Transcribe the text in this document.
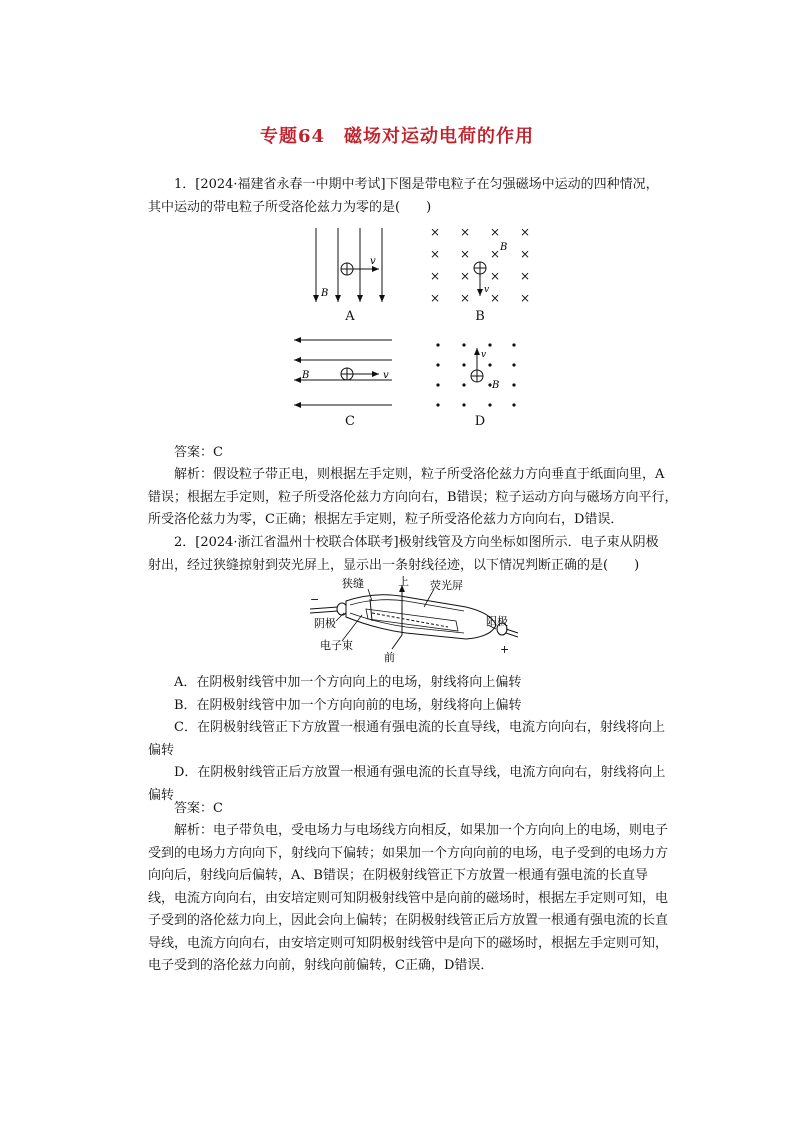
专题64　磁场对运动电荷的作用
1．[2024·福建省永春一中期中考试]下图是带电粒子在匀强磁场中运动的四种情况，
其中运动的带电粒子所受洛伦兹力为零的是(　　)
v
B
A
× × × ×
× × × ×
× × × ×
× × × ×
v
B
B
v
B
C
v
B
D
答案：C
解析：假设粒子带正电，则根据左手定则，粒子所受洛伦兹力方向垂直于纸面向里，A
错误；根据左手定则，粒子所受洛伦兹力方向向右，B错误；粒子运动方向与磁场方向平行，
所受洛伦兹力为零，C正确；根据左手定则，粒子所受洛伦兹力方向向右，D错误．
2．[2024·浙江省温州十校联合体联考]极射线管及方向坐标如图所示．电子束从阴极
射出，经过狭缝掠射到荧光屏上，显示出一条射线径迹，以下情况判断正确的是(　　)
狭缝	上 荧光屏
阴极	阳极
电子束
前
−
+
A．在阴极射线管中加一个方向向上的电场，射线将向上偏转
B．在阴极射线管中加一个方向向前的电场，射线将向上偏转
C．在阴极射线管正下方放置一根通有强电流的长直导线，电流方向向右，射线将向上
偏转
D．在阴极射线管正后方放置一根通有强电流的长直导线，电流方向向右，射线将向上
偏转
答案：C
解析：电子带负电，受电场力与电场线方向相反，如果加一个方向向上的电场，则电子
受到的电场力方向向下，射线向下偏转；如果加一个方向向前的电场，电子受到的电场力方
向向后，射线向后偏转，A、B错误；在阴极射线管正下方放置一根通有强电流的长直导
线，电流方向向右，由安培定则可知阴极射线管中是向前的磁场时，根据左手定则可知，电
子受到的洛伦兹力向上，因此会向上偏转；在阴极射线管正后方放置一根通有强电流的长直
导线，电流方向向右，由安培定则可知阴极射线管中是向下的磁场时，根据左手定则可知，
电子受到的洛伦兹力向前，射线向前偏转，C正确，D错误．
